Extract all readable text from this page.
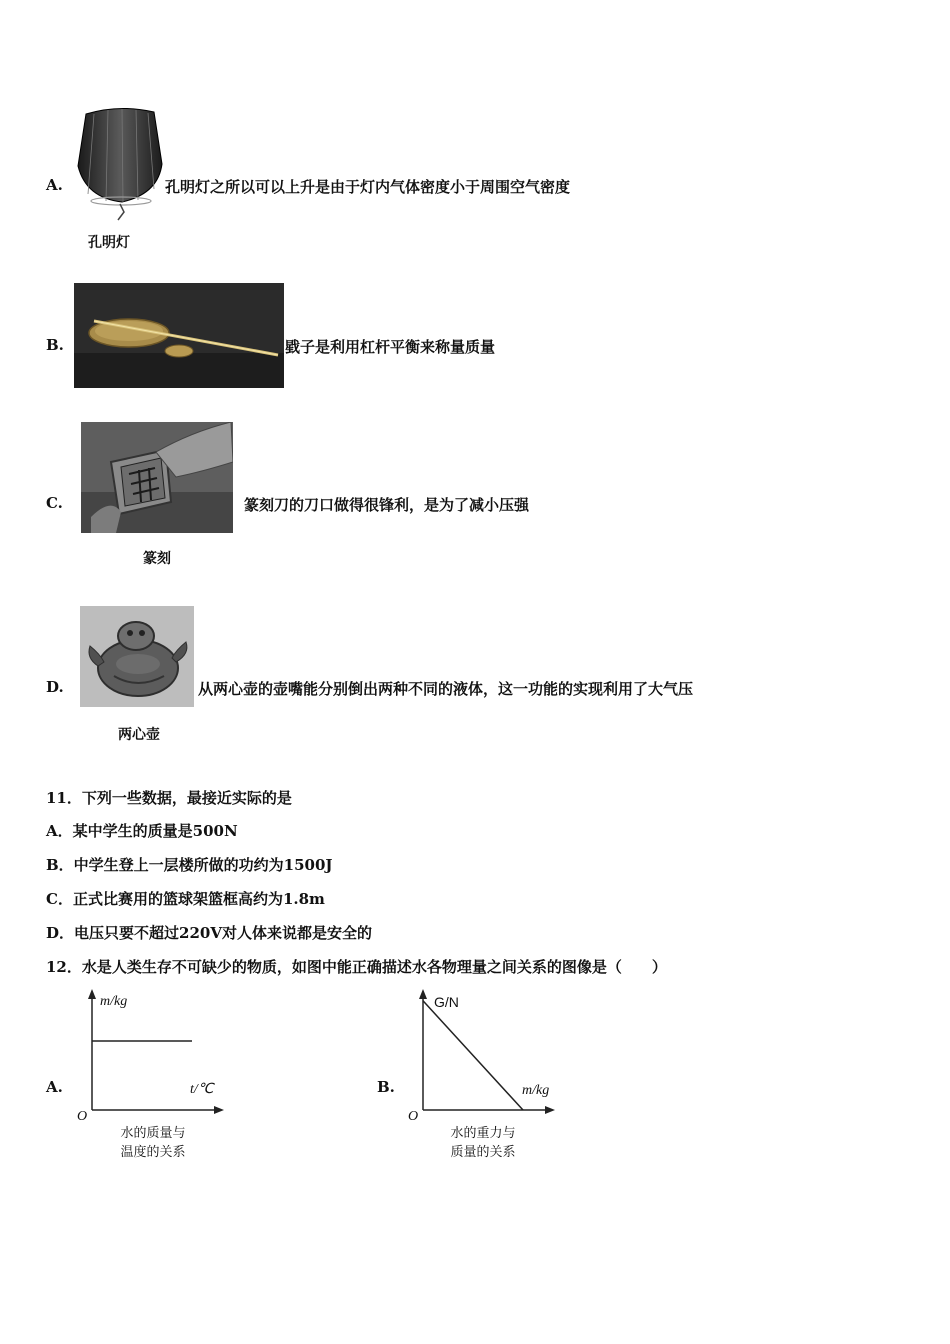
A.	孔明灯之所以可以上升是由于灯内气体密度小于周围空气密度
孔明灯
B.	戥子是利用杠杆平衡来称量质量
C.	篆刻刀的刀口做得很锋利，是为了减小压强
篆刻
D.	从两心壶的壶嘴能分别倒出两种不同的液体，这一功能的实现利用了大气压
两心壶
11．下列一些数据，最接近实际的是
A．某中学生的质量是500N
B．中学生登上一层楼所做的功约为1500J
C．正式比赛用的篮球架篮框高约为1.8m
D．电压只要不超过220V对人体来说都是安全的
12．水是人类生存不可缺少的物质，如图中能正确描述水各物理量之间关系的图像是（　　）
A.
m/kg
t/℃
O
水的质量与
温度的关系
B.
G/N
m/kg
O
水的重力与
质量的关系
